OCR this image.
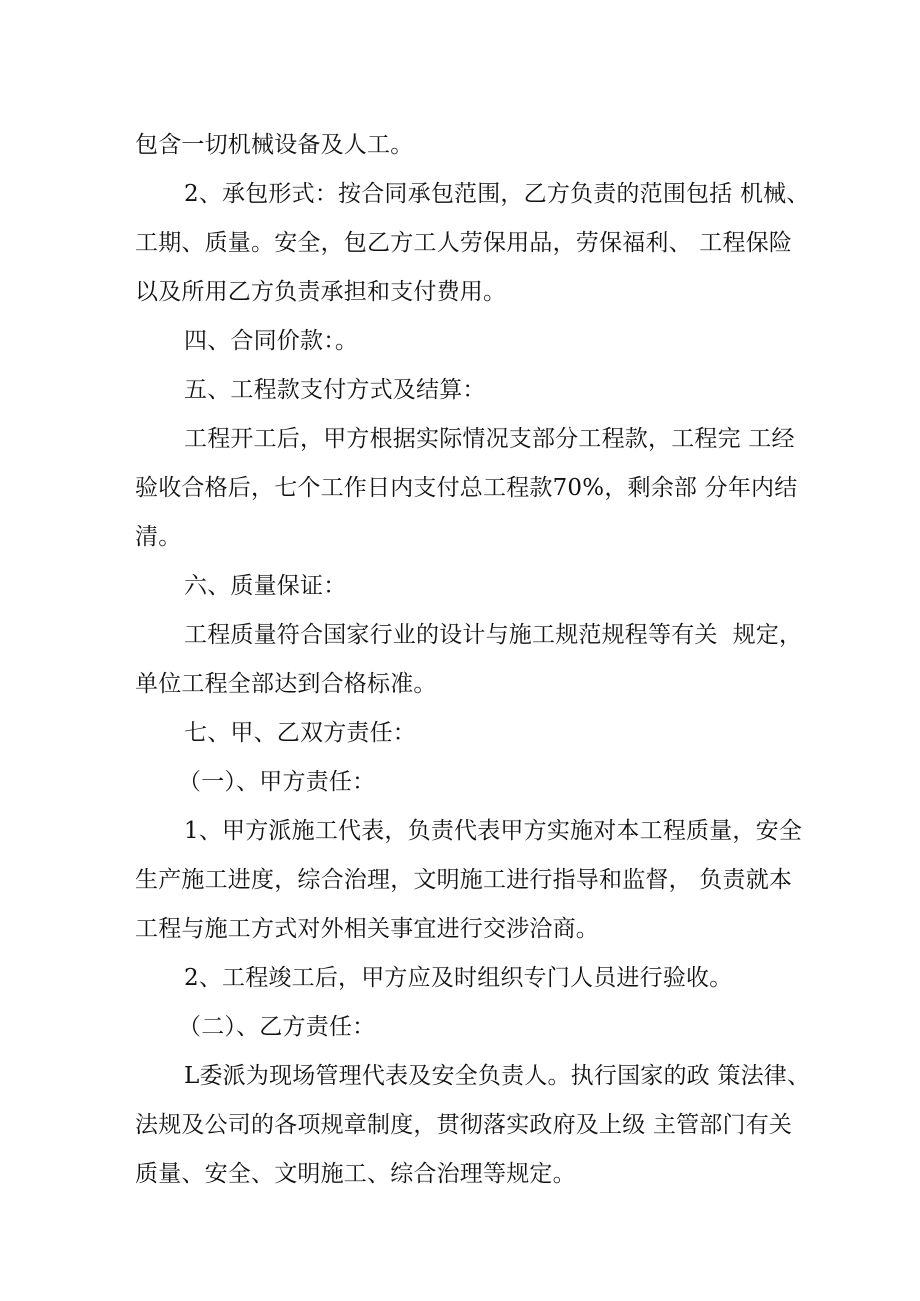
包含一切机械设备及人工。
2、承包形式：按合同承包范围，乙方负责的范围包括 机械、
工期、质量。安全，包乙方工人劳保用品，劳保福利、 工程保险
以及所用乙方负责承担和支付费用。
四、合同价款：。
五、工程款支付方式及结算：
工程开工后，甲方根据实际情况支部分工程款，工程完 工经
验收合格后，七个工作日内支付总工程款70%，剩余部 分年内结
清。
六、质量保证：
工程质量符合国家行业的设计与施工规范规程等有关  规定，
单位工程全部达到合格标准。
七、甲、乙双方责任：
（一）、甲方责任：
1、甲方派施工代表，负责代表甲方实施对本工程质量，安全
生产施工进度，综合治理，文明施工进行指导和监督， 负责就本
工程与施工方式对外相关事宜进行交涉洽商。
2、工程竣工后，甲方应及时组织专门人员进行验收。
（二）、乙方责任：
L委派为现场管理代表及安全负责人。执行国家的政 策法律、
法规及公司的各项规章制度，贯彻落实政府及上级 主管部门有关
质量、安全、文明施工、综合治理等规定。
